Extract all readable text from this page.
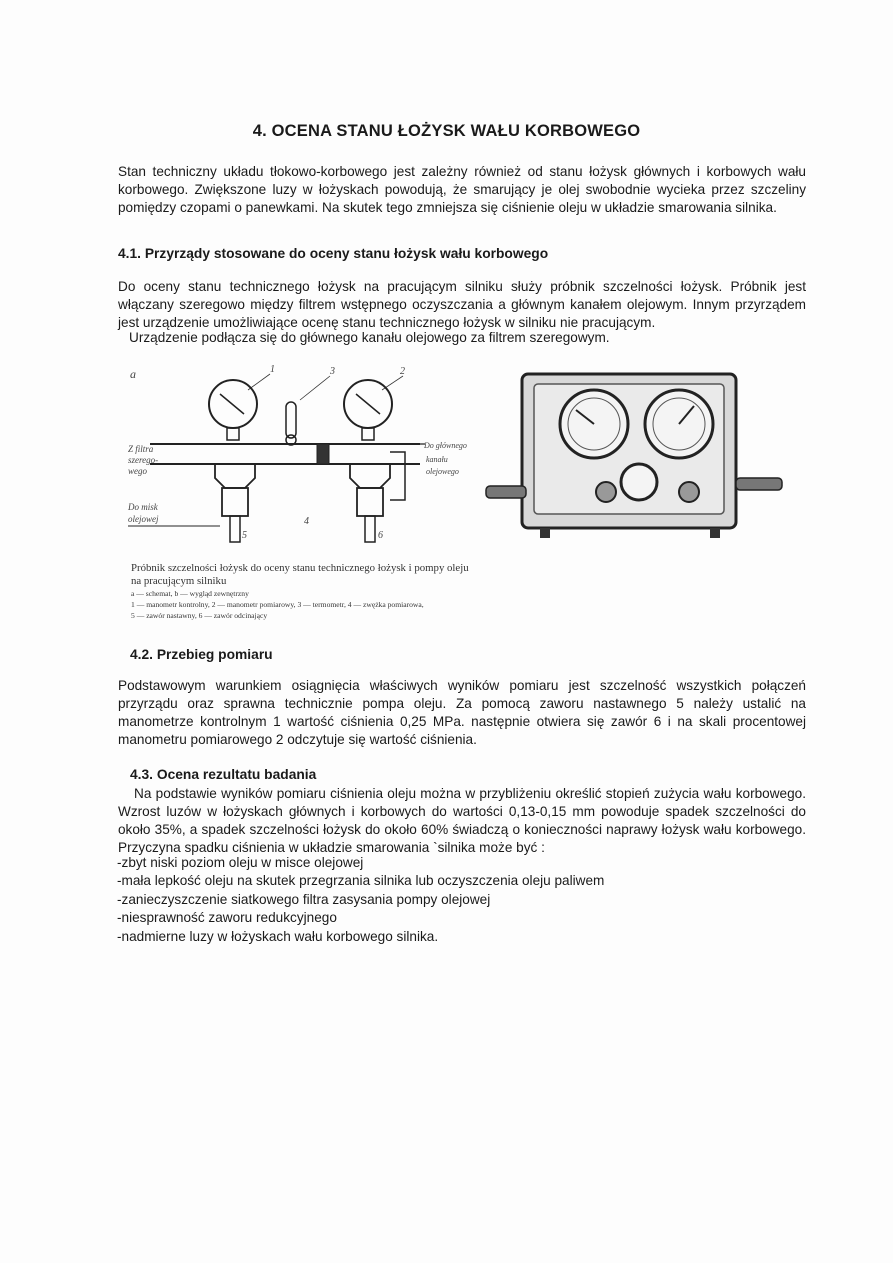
4. OCENA STANU ŁOŻYSK WAŁU KORBOWEGO

Stan techniczny układu tłokowo-korbowego jest zależny również od stanu łożysk głównych i korbowych wału korbowego. Zwiększone luzy w łożyskach powodują, że smarujący je olej swobodnie wycieka przez szczeliny pomiędzy czopami o panewkami. Na skutek tego zmniejsza się ciśnienie oleju w układzie smarowania silnika.

4.1. Przyrządy stosowane do oceny stanu łożysk wału korbowego

Do oceny stanu technicznego łożysk na pracującym silniku służy próbnik szczelności łożysk. Próbnik jest włączany szeregowo między filtrem wstępnego oczyszczania a głównym kanałem olejowym. Innym przyrządem jest urządzenie umożliwiające ocenę stanu technicznego łożysk w silniku nie pracującym.

Urządzenie podłącza się do głównego kanału olejowego za filtrem szeregowym.

a	1	3	2
Z filtra
szerego-
wego
Do misk
olejowej
Do głównego
kanału
olejowego
4
5	6
Próbnik szczelności łożysk do oceny stanu technicznego łożysk i pompy oleju
na pracującym silniku
a — schemat, b — wygląd zewnętrzny
1 — manometr kontrolny, 2 — manometr pomiarowy, 3 — termometr, 4 — zwężka pomiarowa,
5 — zawór nastawny, 6 — zawór odcinający
4.2. Przebieg pomiaru

Podstawowym warunkiem osiągnięcia właściwych wyników pomiaru jest szczelność wszystkich połączeń przyrządu oraz sprawna technicznie pompa oleju. Za pomocą zaworu nastawnego 5 należy ustalić na manometrze kontrolnym 1 wartość ciśnienia 0,25 MPa. następnie otwiera się zawór 6 i na skali procentowej manometru pomiarowego 2 odczytuje się wartość ciśnienia.

4.3. Ocena rezultatu badania

Na podstawie wyników pomiaru ciśnienia oleju można w przybliżeniu określić stopień zużycia wału korbowego. Wzrost luzów w łożyskach głównych i korbowych do wartości 0,13-0,15 mm powoduje spadek szczelności do około 35%, a spadek szczelności łożysk do około 60% świadczą o konieczności naprawy łożysk wału korbowego. Przyczyna spadku ciśnienia w układzie smarowania `silnika może być :

-zbyt niski poziom oleju w misce olejowej
-mała lepkość oleju na skutek przegrzania silnika lub oczyszczenia oleju paliwem
-zanieczyszczenie siatkowego filtra zasysania pompy olejowej
-niesprawność zaworu redukcyjnego
-nadmierne luzy w łożyskach wału korbowego silnika.
